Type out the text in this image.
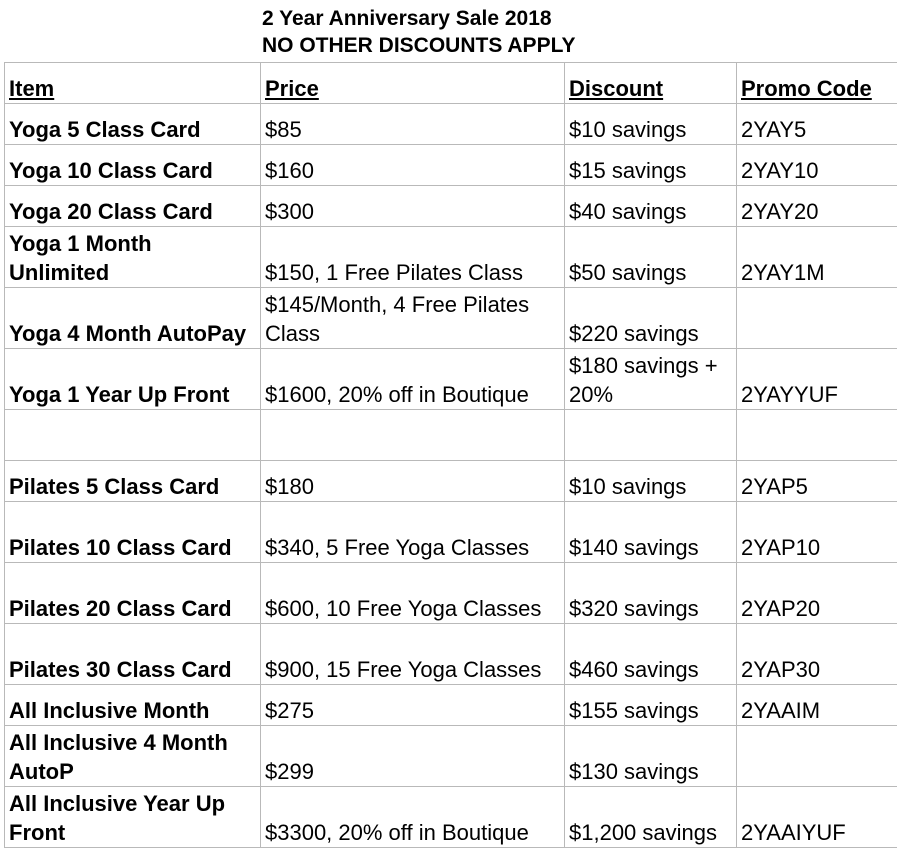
2 Year Anniversary Sale 2018
NO OTHER DISCOUNTS APPLY
Item	Price	Discount	Promo Code
Yoga 5 Class Card	$85	$10 savings	2YAY5
Yoga 10 Class Card	$160	$15 savings	2YAY10
Yoga 20 Class Card	$300	$40 savings	2YAY20
Yoga 1 Month Unlimited	$150, 1 Free Pilates Class	$50 savings	2YAY1M
Yoga 4 Month AutoPay	$145/Month, 4 Free Pilates Class	$220 savings	
Yoga 1 Year Up Front	$1600, 20% off in Boutique	$180 savings + 20%	2YAYYUF

Pilates 5 Class Card	$180	$10 savings	2YAP5
Pilates 10 Class Card	$340, 5 Free Yoga Classes	$140 savings	2YAP10
Pilates 20 Class Card	$600, 10 Free Yoga Classes	$320 savings	2YAP20
Pilates 30 Class Card	$900, 15 Free Yoga Classes	$460 savings	2YAP30
All Inclusive Month	$275	$155 savings	2YAAIM
All Inclusive 4 Month AutoP	$299	$130 savings	
All Inclusive Year Up Front	$3300, 20% off in Boutique	$1,200 savings	2YAAIYUF
